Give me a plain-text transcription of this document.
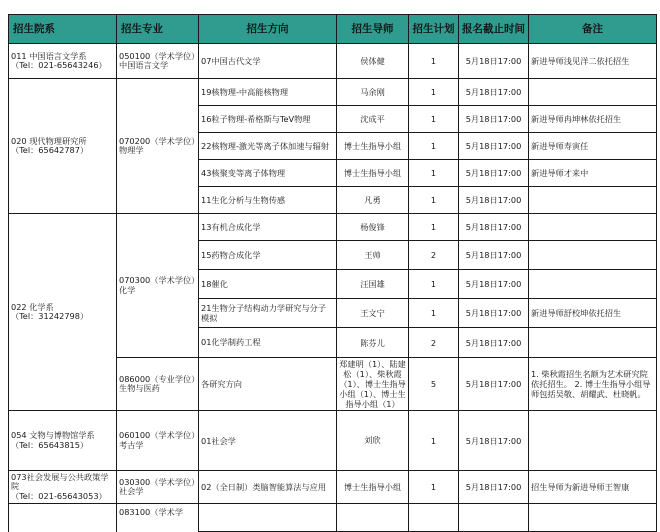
招生院系	招生专业	招生方向	招生导师	招生计划	报名截止时间	备注
011 中国语言文学系
（Tel：021-65643246）	050100（学术学位）中国语言文学	07中国古代文学	侯体健	1	5月18日17:00	新进导师浅见洋二依托招生
020 现代物理研究所
（Tel：65642787）	070200（学术学位）物理学	19核物理-中高能核物理	马余刚	1	5月18日17:00	
		16粒子物理-希格斯与TeV物理	沈成平	1	5月18日17:00	新进导师冉坤林依托招生
		22核物理-激光等离子体加速与辐射	博士生指导小组	1	5月18日17:00	新进导师寿寅任
		43核聚变等离子体物理	博士生指导小组	1	5月18日17:00	新进导师才来中
		11生化分析与生物传感	凡勇	1	5月18日17:00	
022 化学系
（Tel：31242798）	070300（学术学位）化学	13有机合成化学	杨俊锋	1	5月18日17:00	
		15药物合成化学	王帅	2	5月18日17:00	
		18催化	汪国雄	1	5月18日17:00	
		21生物分子结构动力学研究与分子模拟	王文宁	1	5月18日17:00	新进导师舒校坤依托招生
		01化学制药工程	陈芬儿	2	5月18日17:00	
	086000（专业学位）生物与医药	各研究方向	郑建明（1）、陆建松（1）、柴秋霞（1）、博士生指导小组（1）、博士生指导小组（1）	5	5月18日17:00	1. 柴秋霞招生名额为艺术研究院依托招生。 2. 博士生指导小组导师包括吴敬、胡耀武、杜晓帆。
054 文物与博物馆学系
（Tel：65643815）	060100（学术学位）考古学	01社会学	刘欣	1	5月18日17:00	
073社会发展与公共政策学院
（Tel：021-65643053）	030300（学术学位）社会学	02（全日制）类脑智能算法与应用	博士生指导小组	1	5月18日17:00	招生导师为新进导师王智康
	083100（学术学					
